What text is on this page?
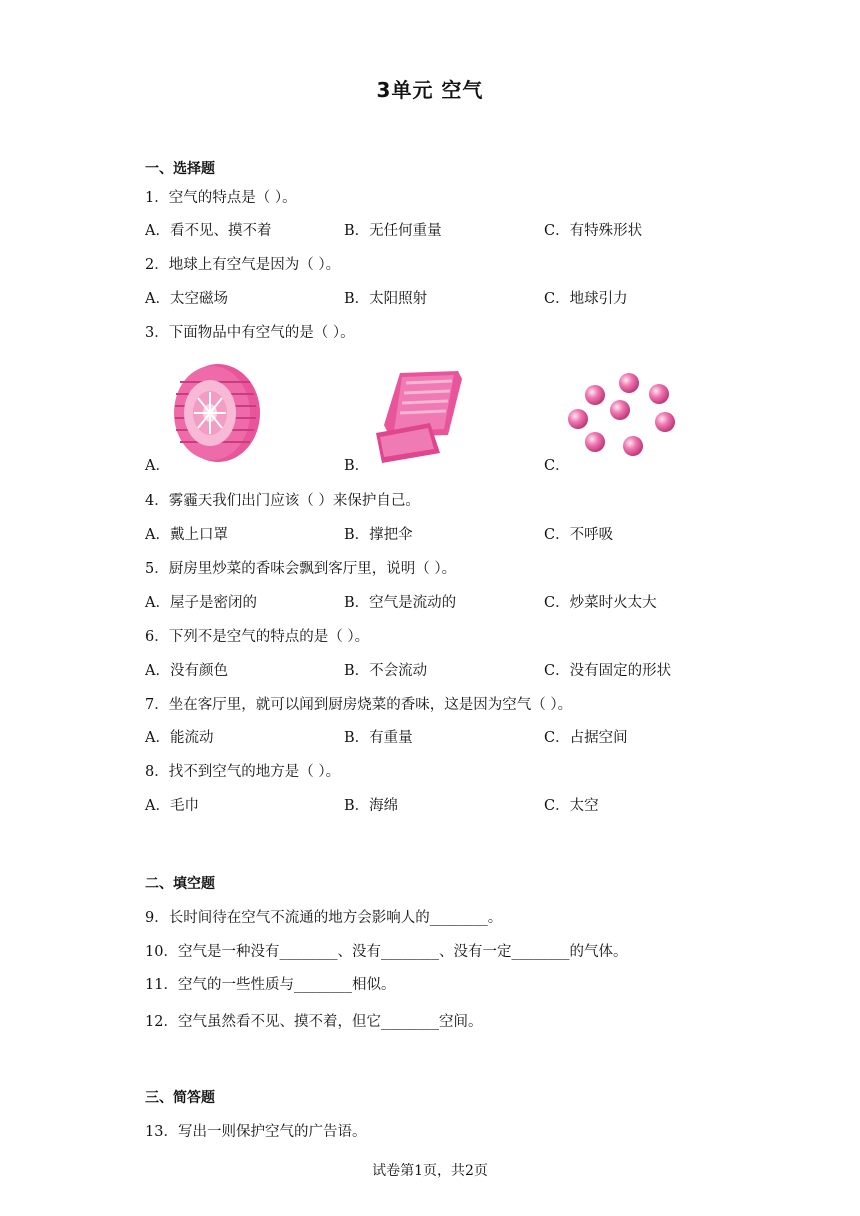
3单元 空气
一、选择题
1．空气的特点是（ ）。
A．看不见、摸不着	B．无任何重量	C．有特殊形状
2．地球上有空气是因为（ ）。
A．太空磁场	B．太阳照射	C．地球引力
3．下面物品中有空气的是（ ）。
A．	B．	C．
4．雾霾天我们出门应该（ ）来保护自己。
A．戴上口罩	B．撑把伞	C．不呼吸
5．厨房里炒菜的香味会飘到客厅里，说明（ ）。
A．屋子是密闭的	B．空气是流动的	C．炒菜时火太大
6．下列不是空气的特点的是（ ）。
A．没有颜色	B．不会流动	C．没有固定的形状
7．坐在客厅里，就可以闻到厨房烧菜的香味，这是因为空气（ ）。
A．能流动	B．有重量	C．占据空间
8．找不到空气的地方是（ ）。
A．毛巾	B．海绵	C．太空
二、填空题
9．长时间待在空气不流通的地方会影响人的________。
10．空气是一种没有________、没有________、没有一定________的气体。
11．空气的一些性质与________相似。
12．空气虽然看不见、摸不着，但它________空间。
三、简答题
13．写出一则保护空气的广告语。
试卷第1页，共2页
